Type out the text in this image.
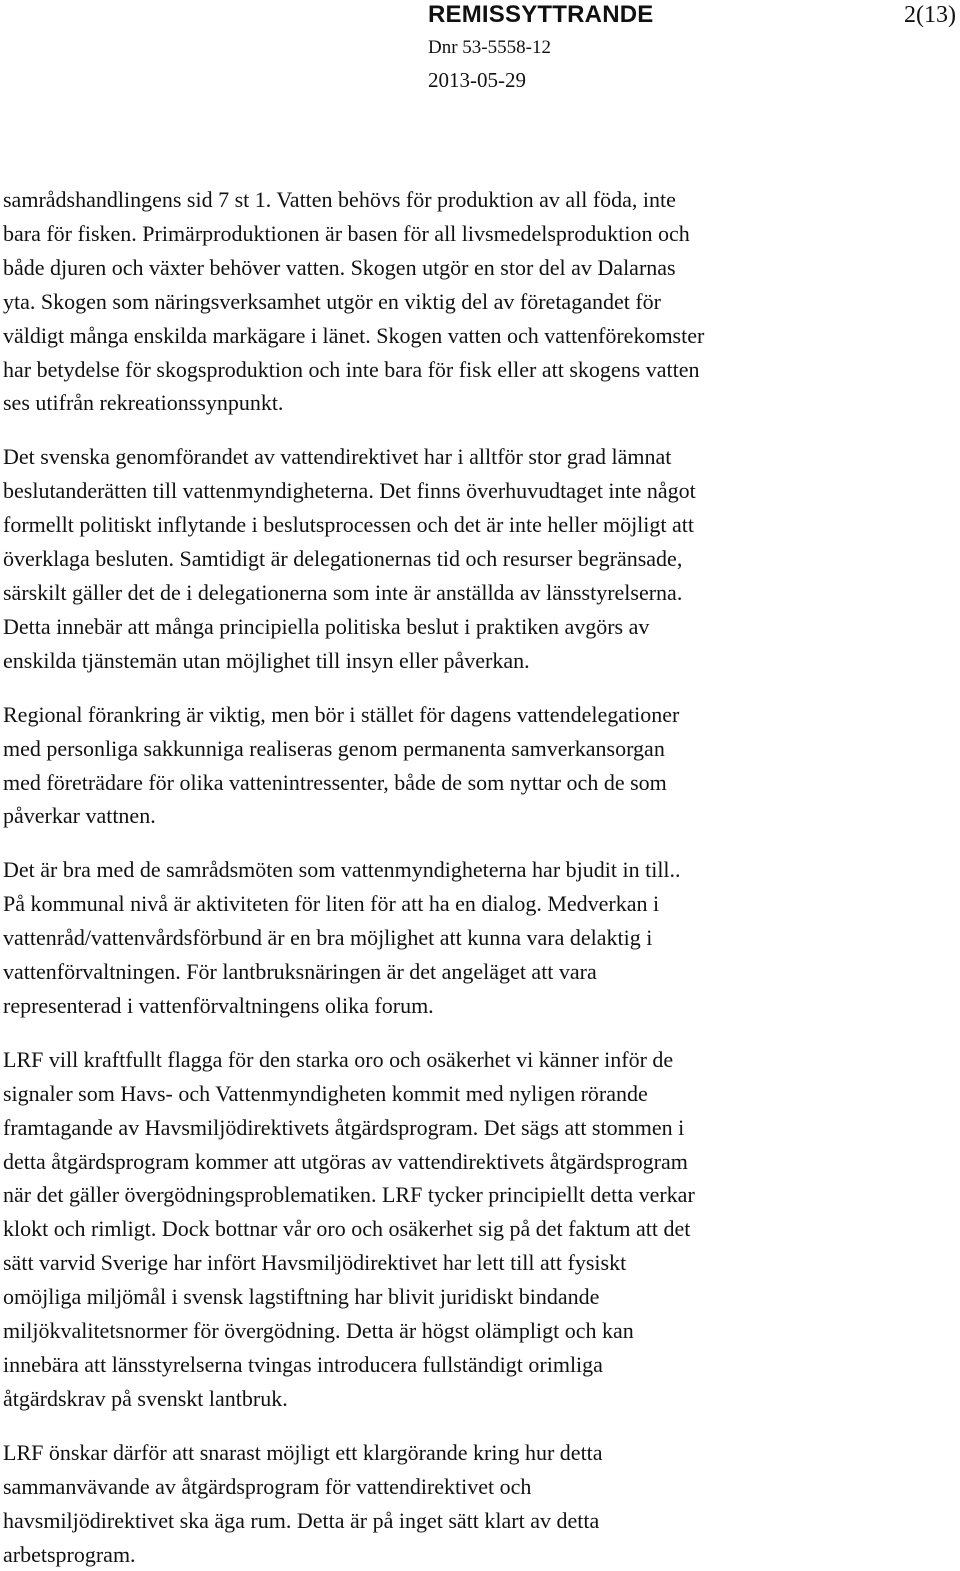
REMISSYTTRANDE	2(13)
Dnr 53-5558-12
2013-05-29

samrådshandlingens sid 7 st 1. Vatten behövs för produktion av all föda, inte
bara för fisken. Primärproduktionen är basen för all livsmedelsproduktion och
både djuren och växter behöver vatten. Skogen utgör en stor del av Dalarnas
yta. Skogen som näringsverksamhet utgör en viktig del av företagandet för
väldigt många enskilda markägare i länet. Skogen vatten och vattenförekomster
har betydelse för skogsproduktion och inte bara för fisk eller att skogens vatten
ses utifrån rekreationssynpunkt.

Det svenska genomförandet av vattendirektivet har i alltför stor grad lämnat
beslutanderätten till vattenmyndigheterna. Det finns överhuvudtaget inte något
formellt politiskt inflytande i beslutsprocessen och det är inte heller möjligt att
överklaga besluten. Samtidigt är delegationernas tid och resurser begränsade,
särskilt gäller det de i delegationerna som inte är anställda av länsstyrelserna.
Detta innebär att många principiella politiska beslut i praktiken avgörs av
enskilda tjänstemän utan möjlighet till insyn eller påverkan.

Regional förankring är viktig, men bör i stället för dagens vattendelegationer
med personliga sakkunniga realiseras genom permanenta samverkansorgan
med företrädare för olika vattenintressenter, både de som nyttar och de som
påverkar vattnen.

Det är bra med de samrådsmöten som vattenmyndigheterna har bjudit in till..
På kommunal nivå är aktiviteten för liten för att ha en dialog. Medverkan i
vattenråd/vattenvårdsförbund är en bra möjlighet att kunna vara delaktig i
vattenförvaltningen. För lantbruksnäringen är det angeläget att vara
representerad i vattenförvaltningens olika forum.

LRF vill kraftfullt flagga för den starka oro och osäkerhet vi känner inför de
signaler som Havs- och Vattenmyndigheten kommit med nyligen rörande
framtagande av Havsmiljödirektivets åtgärdsprogram. Det sägs att stommen i
detta åtgärdsprogram kommer att utgöras av vattendirektivets åtgärdsprogram
när det gäller övergödningsproblematiken. LRF tycker principiellt detta verkar
klokt och rimligt. Dock bottnar vår oro och osäkerhet sig på det faktum att det
sätt varvid Sverige har infört Havsmiljödirektivet har lett till att fysiskt
omöjliga miljömål i svensk lagstiftning har blivit juridiskt bindande
miljökvalitetsnormer för övergödning. Detta är högst olämpligt och kan
innebära att länsstyrelserna tvingas introducera fullständigt orimliga
åtgärdskrav på svenskt lantbruk.

LRF önskar därför att snarast möjligt ett klargörande kring hur detta
sammanvävande av åtgärdsprogram för vattendirektivet och
havsmiljödirektivet ska äga rum. Detta är på inget sätt klart av detta
arbetsprogram.
